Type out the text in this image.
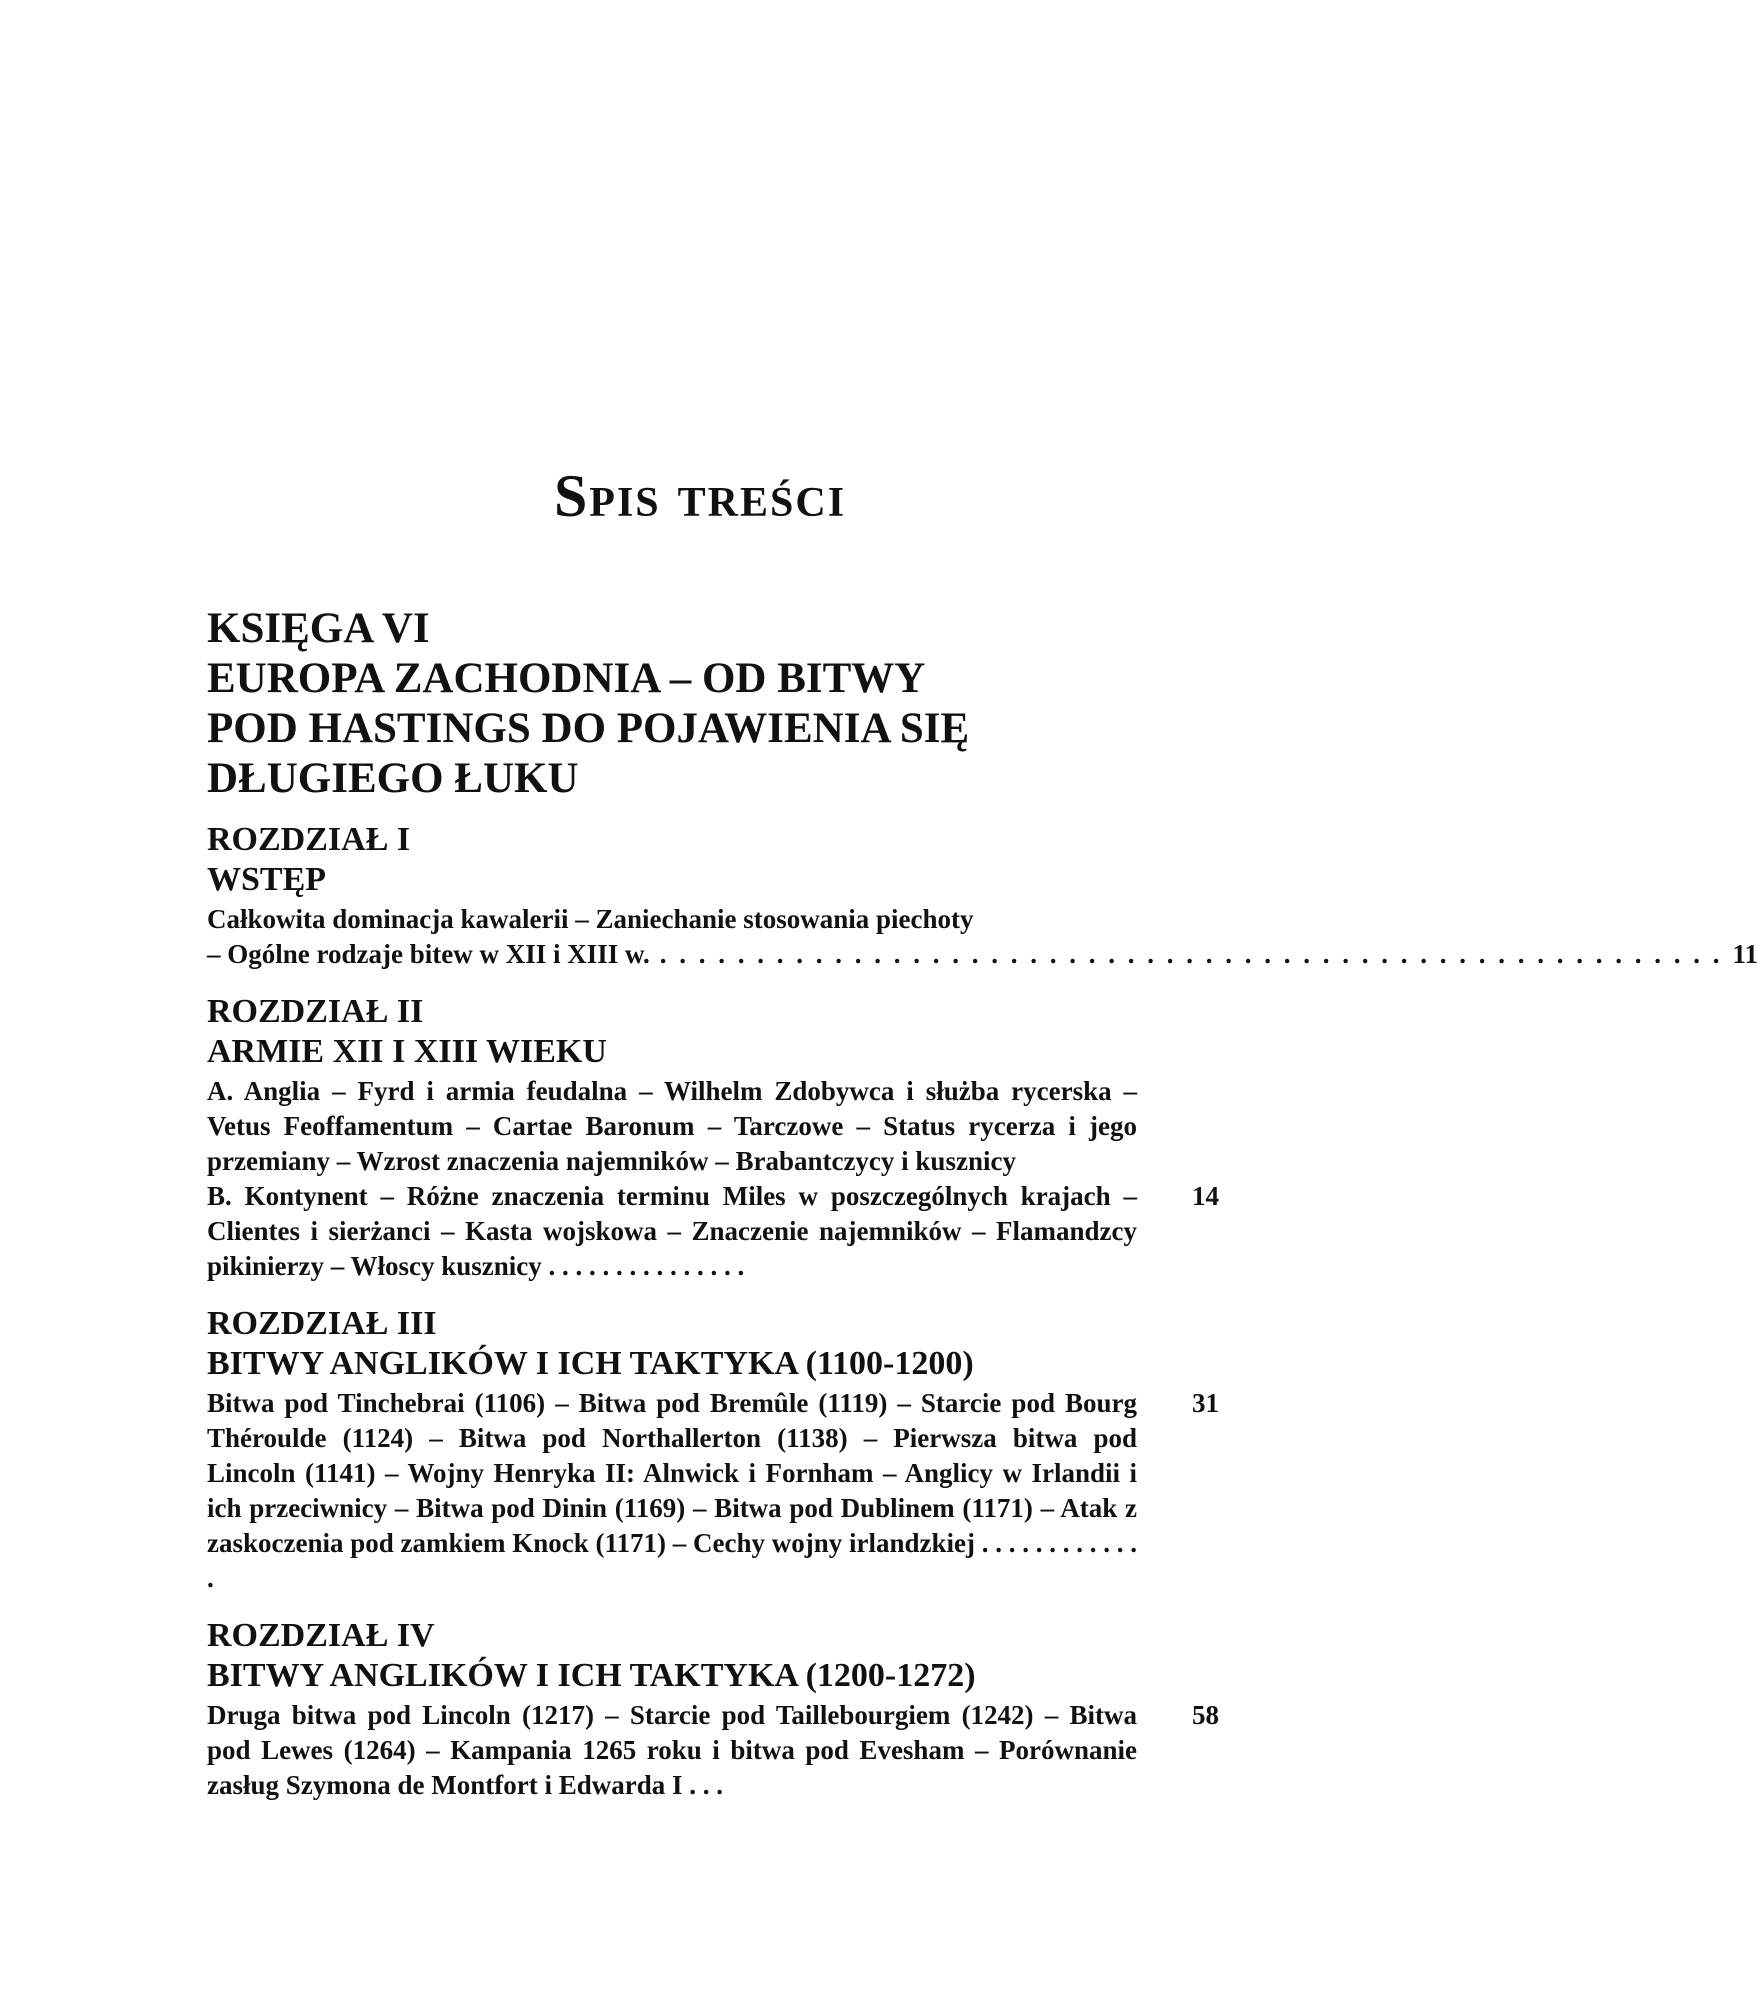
Spis treści
KSIĘGA VI
EUROPA ZACHODNIA – OD BITWY
POD HASTINGS DO POJAWIENIA SIĘ
DŁUGIEGO ŁUKU
ROZDZIAŁ I
WSTĘP
Całkowita dominacja kawalerii – Zaniechanie stosowania piechoty
– Ogólne rodzaje bitew w XII i XIII w. . . . . . . . . . . . . . . . . . . . . . . . . . . . . . . . . . . . . . . . . . . . . . . . . . . . . . . . 11
ROZDZIAŁ II
ARMIE XII I XIII WIEKU
A. Anglia – Fyrd i armia feudalna – Wilhelm Zdobywca i służba rycerska – Vetus Feoffamentum – Cartae Baronum – Tarczowe – Status rycerza i jego przemiany – Wzrost znaczenia najemników – Brabantczycy i kusznicy
B. Kontynent – Różne znaczenia terminu Miles w poszczególnych krajach – Clientes i sierżanci – Kasta wojskowa – Znaczenie najemników – Flamandzcy pikinierzy – Włoscy kusznicy . . . . . . . . . . . . . . .
14
ROZDZIAŁ III
BITWY ANGLIKÓW I ICH TAKTYKA (1100-1200)
Bitwa pod Tinchebrai (1106) – Bitwa pod Bremûle (1119) – Starcie pod Bourg Théroulde (1124) – Bitwa pod Northallerton (1138) – Pierwsza bitwa pod Lincoln (1141) – Wojny Henryka II: Alnwick i Fornham – Anglicy w Irlandii i ich przeciwnicy – Bitwa pod Dinin (1169) – Bitwa pod Dublinem (1171) – Atak z zaskoczenia pod zamkiem Knock (1171) – Cechy wojny irlandzkiej . . . . . . . . . . . . .
31
ROZDZIAŁ IV
BITWY ANGLIKÓW I ICH TAKTYKA (1200-1272)
Druga bitwa pod Lincoln (1217) – Starcie pod Taillebourgiem (1242) – Bitwa pod Lewes (1264) – Kampania 1265 roku i bitwa pod Evesham – Porównanie zasług Szymona de Montfort i Edwarda I . . .
58
